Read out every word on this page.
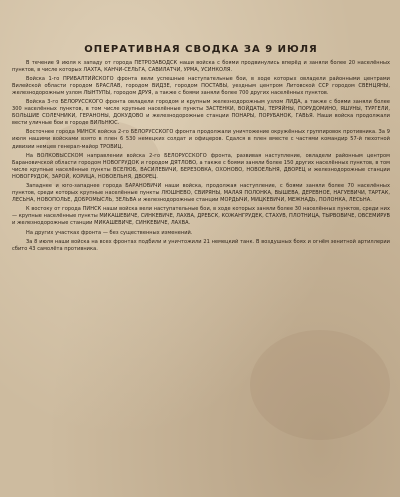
ОПЕРАТИВНАЯ СВОДКА ЗА 9 ИЮЛЯ

В течение 9 июля к западу от города ПЕТРОЗАВОДСК наши войска с боями продвинулись вперёд и заняли более 20 населённых пунктов, в числе которых ЛАХТА, КАНЧИ-СЕЛЬГА, САВИЛАТЧИ, УРМА, УСИНКОЛЯ.

Войска 1-го ПРИБАЛТИЙСКОГО фронта вели успешные наступательные бои, в ходе которых овладели районными центрами Вилейской области городом БРАСЛАВ, городом ВИДЗЕ, городом ПОСТАВЫ, уездным центром Литовской ССР городом СВЕНЦЯНЫ, железнодорожным узлом ЛЫНТУПЫ, городом ДРУЯ, а также с боями заняли более 700 других населённых пунктов.

Войска 3-го БЕЛОРУССКОГО фронта овладели городом и крупным железнодорожным узлом ЛИДА, а также с боями заняли более 300 населённых пунктов, в том числе крупные населённые пункты ЗАСТЕНКИ, ВОЙДАТЫ, ТЕРЯЙНЫ, ПОРУДОМИНО, ЯШУНЫ, ТУРГЕЛИ, БОЛЬШИЕ СОЛЕЧНИКИ, ГЕРАНОНЫ, ДОКУДОВО и железнодорожные станции ПОНАРЫ, ПОРУБАНОК, ГАВЬЯ. Наши войска продолжали вести уличные бои в городе ВИЛЬНЮС.

Восточнее города МИНСК войска 2-го БЕЛОРУССКОГО фронта продолжали уничтожение окружённых группировок противника. За 9 июля нашими войсками взято в плен 6 530 немецких солдат и офицеров. Сдался в плен вместе с частями командир 57-й пехотной дивизии немцев генерал-майор ТРОВИЦ.

На ВОЛКОВЫССКОМ направлении войска 2-го БЕЛОРУССКОГО фронта, развивая наступление, овладели районным центром Барановичской области городом НОВОГРУДОК и городом ДЯТЛОВО, а также с боями заняли более 150 других населённых пунктов, в том числе крупные населённые пункты ВСЕЛЮБ, ВАСИЛЕВИЧИ, БЕРЕЗОВКА, ОХОНОВО, НОВОЕЛЬНЯ, ДВОРЕЦ и железнодорожные станции НОВОГРУДОК, ЗАРОЙ, КОРИЦА, НОВОЕЛЬНЯ, ДВОРЕЦ.

Западнее и юго-западнее города БАРАНОВИЧИ наши войска, продолжая наступление, с боями заняли более 70 населённых пунктов, среди которых крупные населённые пункты ЛЮШНЕВО, СВИРЯНЫ, МАЛАЯ ПОЛОНКА, ВЫШЕВА, ДЕРЕВНОЕ, НАГУЕВИЧИ, ТАРТАК, ЛЕСЬНА, НОВОПОЛЬЕ, ДОБРОМЫСЛЬ, ЗЕЛЬВА и железнодорожные станции МОРДЫЧИ, МИЦКЕВИЧИ, МЕЖНАДЬ, ПОЛОНКА, ЛЕСЬНА.

К востоку от города ПИНСК наши войска вели наступательные бои, в ходе которых заняли более 30 населённых пунктов, среди них — крупные населённые пункты МИКАШЕВИЧЕ, СИНКЕВИЧЕ, ЛАХВА, ДРЕБСК, КОЖАНГРУДЕК, СТАХУВ, ПЛОТНИЦА, ТЫРВОВИЧЕ, ОВСЕМИРУВ и железнодорожные станции МИКАШЕВИЧЕ, СИНКЕВИЧЕ, ЛАХВА.

На других участках фронта — без существенных изменений.

За 8 июля наши войска на всех фронтах подбили и уничтожили 21 немецкий танк. В воздушных боях и огнём зенитной артиллерии сбито 43 самолёта противника.
